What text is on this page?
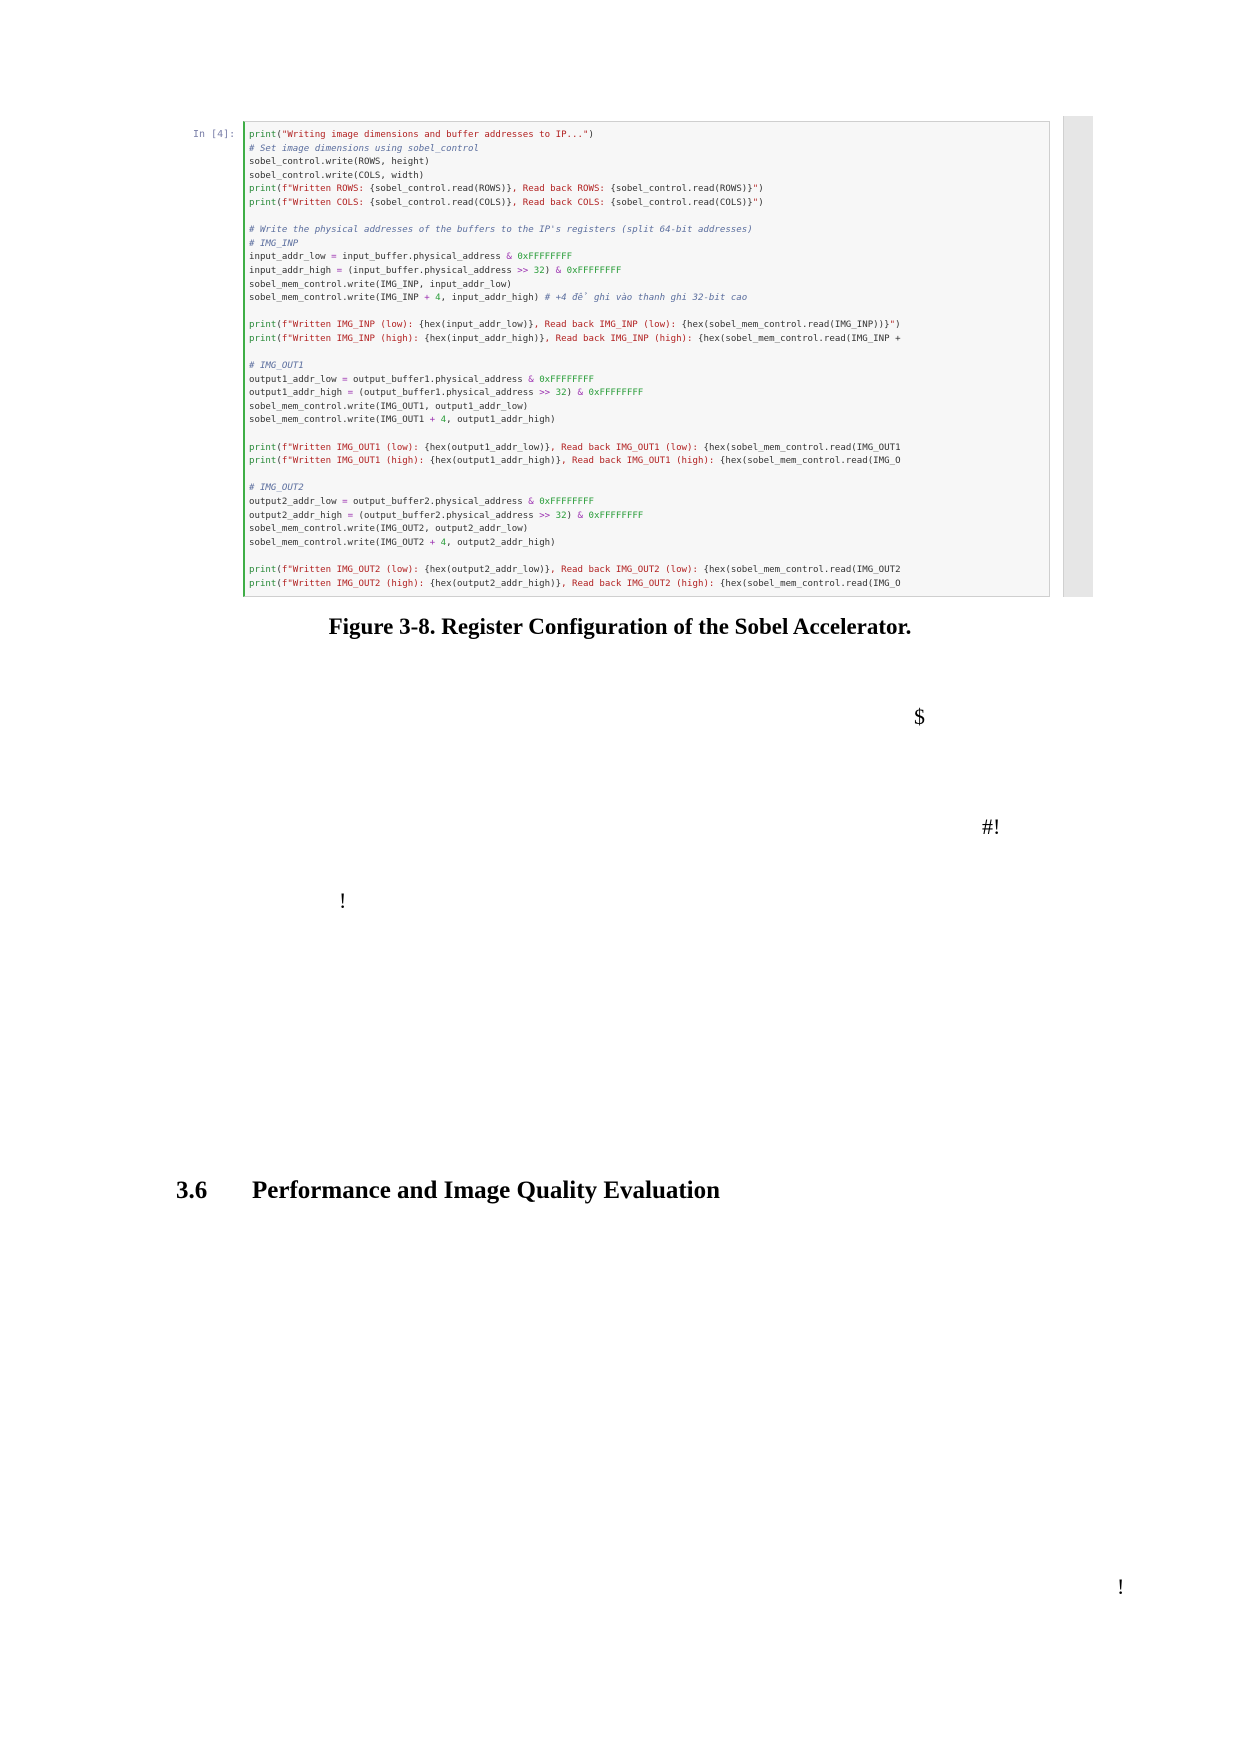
In [4]: print("Writing image dimensions and buffer addresses to IP...")
# Set image dimensions using sobel_control
sobel_control.write(ROWS, height)
sobel_control.write(COLS, width)
print(f"Written ROWS: {sobel_control.read(ROWS)}, Read back ROWS: {sobel_control.read(ROWS)}")
print(f"Written COLS: {sobel_control.read(COLS)}, Read back COLS: {sobel_control.read(COLS)}")
# Write the physical addresses of the buffers to the IP's registers (split 64-bit addresses)
# IMG_INP
input_addr_low = input_buffer.physical_address & 0xFFFFFFFF
input_addr_high = (input_buffer.physical_address >> 32) & 0xFFFFFFFF
sobel_mem_control.write(IMG_INP, input_addr_low)
sobel_mem_control.write(IMG_INP + 4, input_addr_high) # +4 để ghi vào thanh ghi 32-bit cao
print(f"Written IMG_INP (low): {hex(input_addr_low)}, Read back IMG_INP (low): {hex(sobel_mem_control.read(IMG_INP))}")
print(f"Written IMG_INP (high): {hex(input_addr_high)}, Read back IMG_INP (high): {hex(sobel_mem_control.read(IMG_INP +
# IMG_OUT1
output1_addr_low = output_buffer1.physical_address & 0xFFFFFFFF
output1_addr_high = (output_buffer1.physical_address >> 32) & 0xFFFFFFFF
sobel_mem_control.write(IMG_OUT1, output1_addr_low)
sobel_mem_control.write(IMG_OUT1 + 4, output1_addr_high)
print(f"Written IMG_OUT1 (low): {hex(output1_addr_low)}, Read back IMG_OUT1 (low): {hex(sobel_mem_control.read(IMG_OUT1
print(f"Written IMG_OUT1 (high): {hex(output1_addr_high)}, Read back IMG_OUT1 (high): {hex(sobel_mem_control.read(IMG_O
# IMG_OUT2
output2_addr_low = output_buffer2.physical_address & 0xFFFFFFFF
output2_addr_high = (output_buffer2.physical_address >> 32) & 0xFFFFFFFF
sobel_mem_control.write(IMG_OUT2, output2_addr_low)
sobel_mem_control.write(IMG_OUT2 + 4, output2_addr_high)
print(f"Written IMG_OUT2 (low): {hex(output2_addr_low)}, Read back IMG_OUT2 (low): {hex(sobel_mem_control.read(IMG_OUT2
print(f"Written IMG_OUT2 (high): {hex(output2_addr_high)}, Read back IMG_OUT2 (high): {hex(sobel_mem_control.read(IMG_O
Figure 3-8. Register Configuration of the Sobel Accelerator.
$
#!
!
!
3.6 Performance and Image Quality Evaluation
